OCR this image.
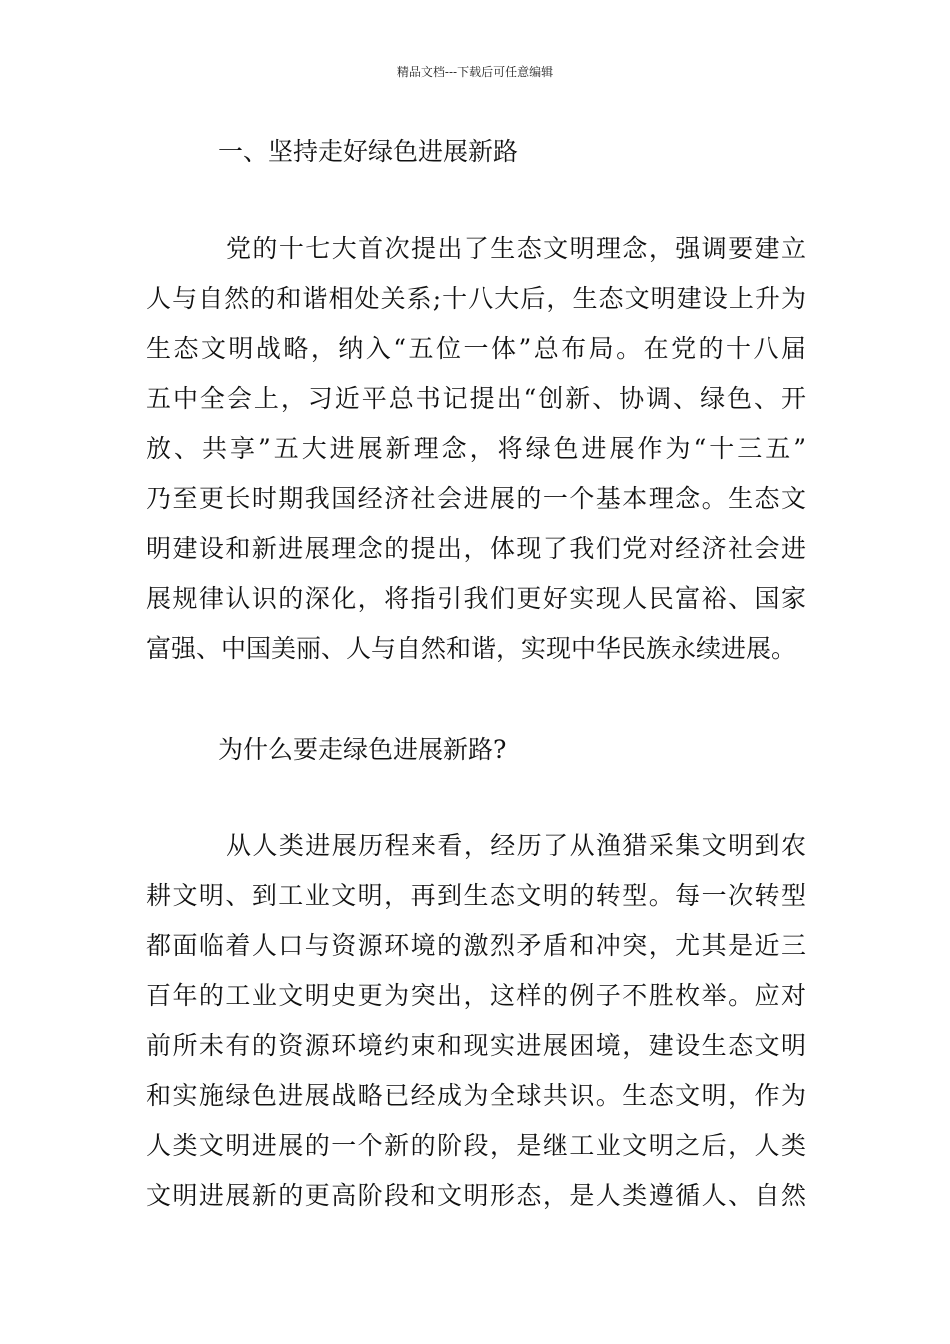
精品文档---下载后可任意编辑
一、坚持走好绿色进展新路
党的十七大首次提出了生态文明理念，强调要建立
人与自然的和谐相处关系;十八大后，生态文明建设上升为
生态文明战略，纳入“五位一体”总布局。在党的十八届
五中全会上，习近平总书记提出“创新、协调、绿色、开
放、共享”五大进展新理念，将绿色进展作为“十三五”
乃至更长时期我国经济社会进展的一个基本理念。生态文
明建设和新进展理念的提出，体现了我们党对经济社会进
展规律认识的深化，将指引我们更好实现人民富裕、国家
富强、中国美丽、人与自然和谐，实现中华民族永续进展。
为什么要走绿色进展新路?
从人类进展历程来看，经历了从渔猎采集文明到农
耕文明、到工业文明，再到生态文明的转型。每一次转型
都面临着人口与资源环境的激烈矛盾和冲突，尤其是近三
百年的工业文明史更为突出，这样的例子不胜枚举。应对
前所未有的资源环境约束和现实进展困境，建设生态文明
和实施绿色进展战略已经成为全球共识。生态文明，作为
人类文明进展的一个新的阶段，是继工业文明之后，人类
文明进展新的更高阶段和文明形态，是人类遵循人、自然
